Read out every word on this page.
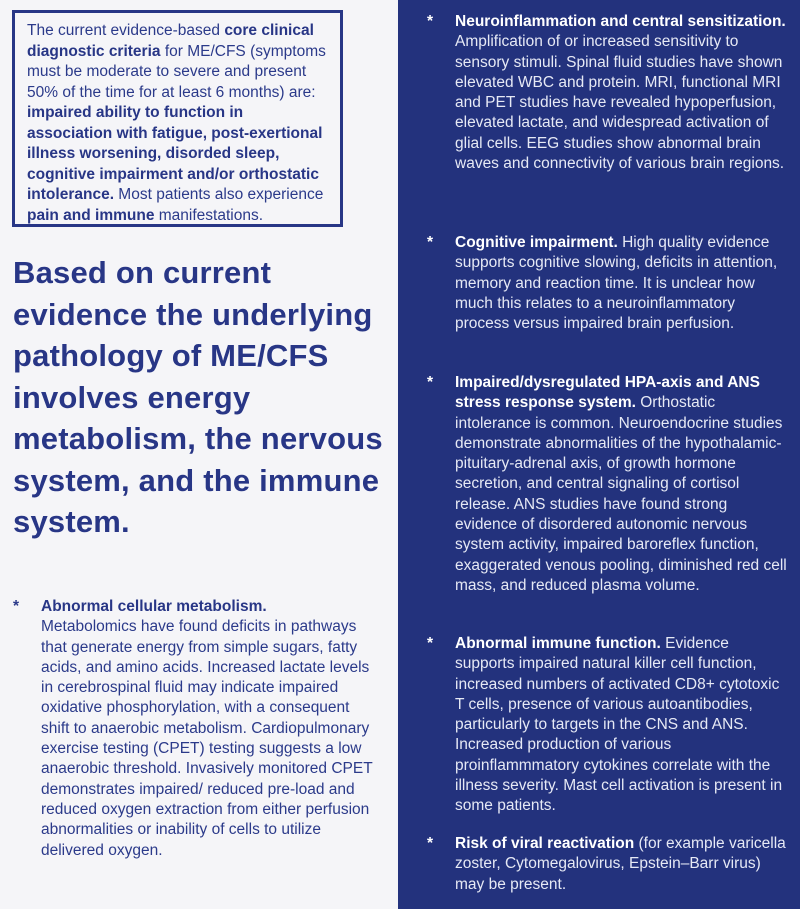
The current evidence-based core clinical diagnostic criteria for ME/CFS (symptoms must be moderate to severe and present 50% of the time for at least 6 months) are: impaired ability to function in association with fatigue, post-exertional illness worsening, disorded sleep, cognitive impairment and/or orthostatic intolerance. Most patients also experience pain and immune manifestations.
Based on current evidence the underlying pathology of ME/CFS involves energy metabolism, the nervous system, and the immune system.
* Abnormal cellular metabolism.
Metabolomics have found deficits in pathways that generate energy from simple sugars, fatty acids, and amino acids. Increased lactate levels in cerebrospinal fluid may indicate impaired oxidative phosphorylation, with a consequent shift to anaerobic metabolism. Cardiopulmonary exercise testing (CPET) testing suggests a low anaerobic threshold. Invasively monitored CPET demonstrates impaired/ reduced pre-load and reduced oxygen extraction from either perfusion abnormalities or inability of cells to utilize delivered oxygen.
* Neuroinflammation and central sensitization. Amplification of or increased sensitivity to sensory stimuli. Spinal fluid studies have shown elevated WBC and protein. MRI, functional MRI and PET studies have revealed hypoperfusion, elevated lactate, and widespread activation of glial cells. EEG studies show abnormal brain waves and connectivity of various brain regions.
* Cognitive impairment. High quality evidence supports cognitive slowing, deficits in attention, memory and reaction time. It is unclear how much this relates to a neuroinflammatory process versus impaired brain perfusion.
* Impaired/dysregulated HPA-axis and ANS stress response system. Orthostatic intolerance is common. Neuroendocrine studies demonstrate abnormalities of the hypothalamic-pituitary-adrenal axis, of growth hormone secretion, and central signaling of cortisol release. ANS studies have found strong evidence of disordered autonomic nervous system activity, impaired baroreflex function, exaggerated venous pooling, diminished red cell mass, and reduced plasma volume.
* Abnormal immune function. Evidence supports impaired natural killer cell function, increased numbers of activated CD8+ cytotoxic T cells, presence of various autoantibodies, particularly to targets in the CNS and ANS. Increased production of various proinflammmatory cytokines correlate with the illness severity. Mast cell activation is present in some patients.
* Risk of viral reactivation (for example varicella zoster, Cytomegalovirus, Epstein–Barr virus) may be present.
